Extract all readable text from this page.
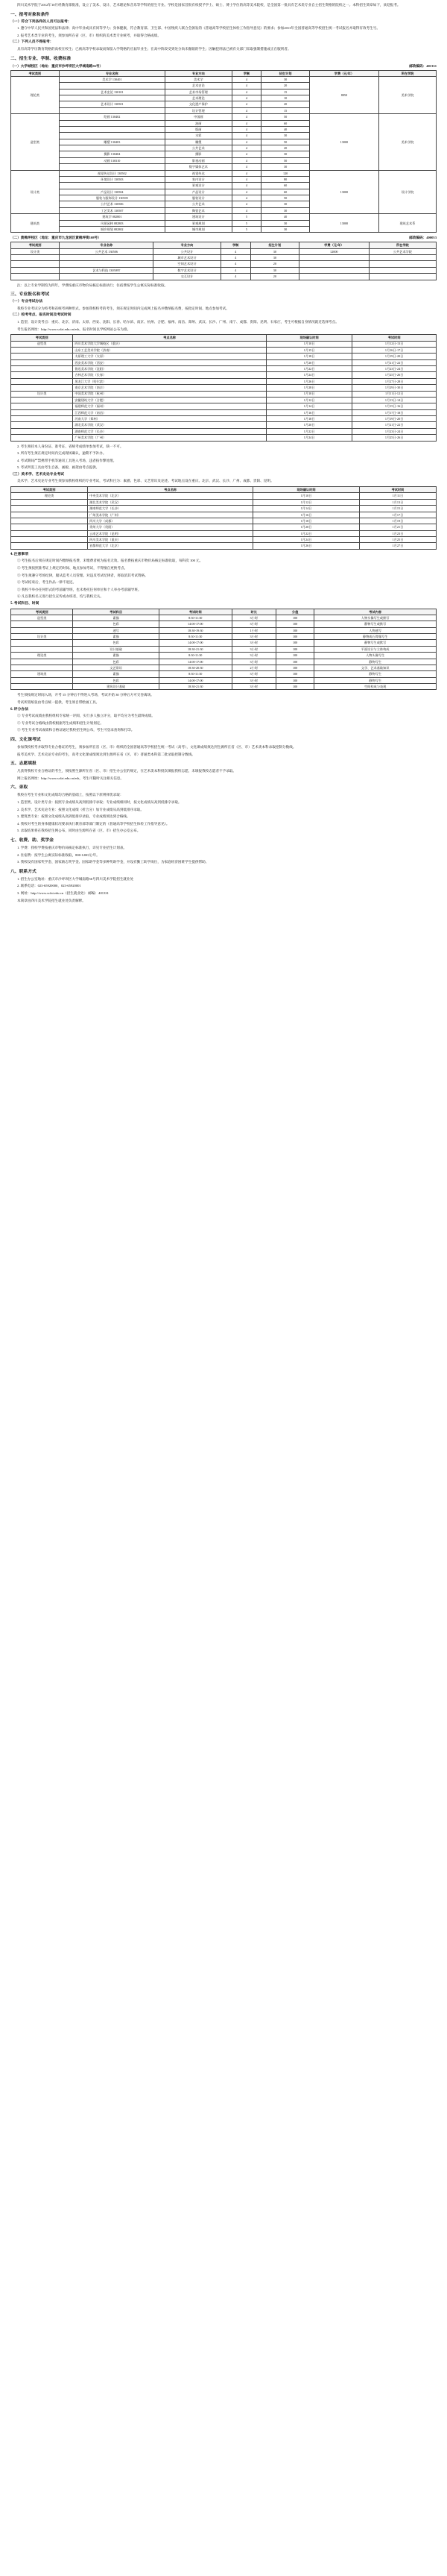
四川美术学院于2012年10月经教育部批准，设立了美术、设计、艺术理论和音乐等学科的招生专业。学校是国家首批有权授予学士、硕士、博士学位的高等美术院校，是全国第一批具有艺术类专业自主招生资格的院校之一。本科招生简章如下，欢迎报考。

一、报考对象和条件
（一）符合下列条件的人员可以报考：

1. 遵守中华人民共和国宪法和法律；高中毕业或具有同等学力；身体健康，符合教育部、卫生部、中国残疾人联合会颁发的《普通高等学校招生体检工作指导意见》的要求；参加2013年全国普通高等学校招生统一考试报名并取得有效考生号。

2. 报考艺术类专业的考生，须参加所在省（区、市）组织的美术类专业统考，并取得合格成绩。

（二）下列人员不得报考：

具有高等学历教育资格的高校在校生；已被高等学校录取而保留入学资格的应届毕业生；在高中阶段受到处分尚未撤销的学生；因触犯刑法已被有关部门采取强制措施或正在服刑者。

二、招生专业、学制、收费标准
（一）大学城校区（地址：重庆市沙坪坝区大学城南路56号）	邮政编码：401331
考试类别	专业名称	专业方向	学制	招生计划	学费（元/年）	所在学院
理论类	美术学 130401	美术学	4	30	8050	美术学院
		艺术史论	4	20		
	艺术史论 130101	艺术市场管理	4	15		
		艺术理论	4	10		
	艺术设计 130501	文化遗产保护	4	20		
		设计管理	4	15		
造型类	绘画 130402	中国画	4	50	13000	美术学院
		油画	4	60		
		版画	4	40		
		水彩	4	30		
	雕塑 130403	雕塑	4	50		
		公共艺术	4	20		
	摄影 130404	摄影	4	30		
	动画 130310	影视动画	4	50		
		数字媒体艺术	4	30		
设计类	视觉传达设计 130502	视觉传达	4	120	13000	设计学院
	环境设计 130503	室内设计	4	80		
		景观设计	4	60		
	产品设计 130504	产品设计	4	60		
	服装与服饰设计 130505	服装设计	4	50		
	公共艺术 130506	公共艺术	4	30		
	工艺美术 130507	陶瓷艺术	4	30		
建筑类	建筑学 082801	建筑设计	5	40	13000	建筑艺术系
	风景园林 082803	景观规划	5	30		
	城乡规划 082802	城市规划	5	30		
（二）黄桷坪校区（地址：重庆市九龙坡区黄桷坪街108号）	邮政编码：400053
考试类别	专业名称	专业方向	学制	招生计划	学费（元/年）	所在学院
设计类	公共艺术 130506	公共设计	4	30	12000	公共艺术学院
		城市艺术设计	4	30		
		空间艺术设计	4	20		
	艺术与科技 130509T	数字艺术设计	4	30		
		交互设计	4	20		

注：以上专业学制均为四年，学费按重庆市物价局核定标准执行；住宿费按学生公寓实际标准收取。

三、专业报名和考试
（一）专业考试办法

我校专业考试分为校考和省统考两种形式。参加我校校考的考生，须在规定时间内完成网上报名并缴纳报名费，按指定时间、地点参加考试。

（二）校考考点、报名时间及考试时间

1. 造型、设计类考点：重庆、北京、济南、太原、西安、沈阳、长春、哈尔滨、南京、杭州、合肥、福州、南昌、郑州、武汉、长沙、广州、南宁、成都、贵阳、昆明、石家庄，考生可根据自身情况就近选择考点。

考生报名网址：http://www.scfai.edu.cn/zsb，报名时间以学校网站公布为准。

考试类别	考点名称	现场确认时间	考试时间
造型类	四川美术学院大学城校区（重庆）	1月10日	1月12日-13日
	山东工艺美术学院（济南）	1月15日	1月16日-17日
	太原理工大学（太原）	1月18日	1月19日-20日
	西安美术学院（西安）	1月20日	1月21日-22日
	鲁迅美术学院（沈阳）	1月22日	1月23日-24日
	吉林艺术学院（长春）	1月24日	1月25日-26日
	黑龙江大学（哈尔滨）	1月26日	1月27日-28日
	南京艺术学院（南京）	1月28日	1月29日-30日
设计类	中国美术学院（杭州）	1月10日	1月11日-12日
	安徽建筑大学（合肥）	1月12日	1月13日-14日
	福建师范大学（福州）	1月14日	1月15日-16日
	江西师范大学（南昌）	1月16日	1月17日-18日
	河南大学（郑州）	1月18日	1月19日-20日
	湖北美术学院（武汉）	1月20日	1月21日-22日
	湖南师范大学（长沙）	1月22日	1月23日-24日
	广州美术学院（广州）	1月24日	1月25日-26日

2. 考生须持本人身份证、准考证、省统考成绩单参加考试，缺一不可。

3. 所有考生须在规定时间内完成现场确认，逾期不予补办。

4. 考试期间严禁携带手机等通讯工具进入考场，违者按作弊处理。

5. 考试所需工具由考生自备，画板、画架由考点提供。

（三）美术学、艺术史论专业考试

美术学、艺术史论专业考生须参加我校组织的专业考试，考试科目为：素描、色彩、文艺常识及论述。考试地点设在重庆、北京、武汉、长沙、广州、成都、贵阳、昆明。

考试类别	考点名称	现场确认时间	考试时间
理论类	中央美术学院（北京）	1月10日	1月11日
	湖北美术学院（武汉）	1月12日	1月13日
	湖南师范大学（长沙）	1月14日	1月15日
	广州美术学院（广州）	1月16日	1月17日
	四川大学（成都）	1月18日	1月19日
	贵州大学（贵阳）	1月20日	1月21日
	云南艺术学院（昆明）	1月22日	1月23日
	四川美术学院（重庆）	1月24日	1月25日
	首都师范大学（北京）	1月26日	1月27日
4. 注意事项

① 考生报名后须在规定时间内缴纳报名费，未缴费者视为报名无效。报名费按重庆市物价局核定标准收取，每科次 100 元。

② 考生须按照准考证上规定的时间、地点参加考试，不得擅自更换考点。

③ 考生须遵守考场纪律，服从监考人员管理。对违反考试纪律者，将取消其考试资格。

④ 考试结束后，考生作品一律不退还。

⑤ 我校不举办任何形式的考前辅导班，也未委托任何单位和个人举办考前辅导班。

⑥ 凡以我校名义进行招生宣传或办班者，均与我校无关。

5. 考试科目、时间
考试类别	考试科目	考试时间	时长	分值	考试内容
造型类	素描	8:30-11:30	3小时	100	人物头像写生或默写
	色彩	14:00-17:00	3小时	100	静物写生或默写
	速写	18:30-19:30	1小时	100	人物速写
设计类	素描	8:30-11:30	3小时	100	静物或石膏像写生
	色彩	14:00-17:00	3小时	100	静物写生或默写
	设计基础	18:30-21:30	3小时	100	平面设计与立体构成
理论类	素描	8:30-11:30	3小时	100	人物头像写生
	色彩	14:00-17:00	3小时	100	静物写生
	文艺常识	18:30-20:30	2小时	100	文学、艺术基础知识
建筑类	素描	8:30-11:30	3小时	100	静物写生
	色彩	14:00-17:00	3小时	100	静物写生
	建筑设计基础	18:30-21:30	3小时	100	空间构成与表现

考生须按规定时间入场，开考 15 分钟后不得进入考场，考试开始 30 分钟后方可交卷离场。

考试所需纸张由考点统一提供，考生须自带绘画工具。

6. 评分办法

① 专业考试成绩由我校组织专家统一评阅，实行多人独立评分，取平均分为考生最终成绩。

② 专业考试合格线由我校根据考生成绩和招生计划划定。

③ 考生专业考试成绩和合格证通过我校招生网公布，考生可登录查询和打印。

四、文化课考试

参加我校校考并取得专业合格证的考生，须参加所在省（区、市）组织的全国普通高等学校招生统一考试（高考），文化课成绩须达到生源所在省（区、市）艺术类本科录取控制分数线。

报考美术学、艺术史论专业的考生，高考文化课成绩须达到生源所在省（区、市）普通类本科第二批录取控制分数线。

五、志愿填报

凡获得我校专业合格证的考生，须按照生源所在省（区、市）招生办公室的规定，在艺术类本科批次填报我校志愿，未填报我校志愿者不予录取。

网上报名网址：http://www.scfai.edu.cn/zsb，考生可随时关注相关信息。

六、录取

我校在考生专业和文化成绩均合格的基础上，按照以下原则择优录取：

1. 造型类、设计类专业：按照专业成绩从高到低排序录取；专业成绩相同时，按文化成绩从高到低排序录取。

2. 美术学、艺术史论专业：按照文化成绩（折合分）加专业成绩从高到低排序录取。

3. 建筑类专业：按照文化成绩从高到低排序录取，专业成绩须达到合格线。

4. 我校对考生的身体健康状况要求执行教育部等部门制定的《普通高等学校招生体检工作指导意见》。

5. 录取结果将在我校招生网公布，同时由生源所在省（区、市）招生办公室公布。

七、收费、助、奖学金

1. 学费：我校学费按重庆市物价局核定标准执行，详见专业招生计划表。

2. 住宿费：按学生公寓实际标准收取，800-1200元/年。

3. 我校设有国家奖学金、国家励志奖学金、国家助学金等多种奖助学金，并设有勤工助学岗位，为家庭经济困难学生提供帮助。

八、联系方式

1. 招生办公室地址：重庆市沙坪坝区大学城南路56号四川美术学院招生就业处

2. 联系电话：023-65920000，023-65920001

3. 网址：http://www.scfai.edu.cn（招生就业处） 邮编：401331

本简章由四川美术学院招生就业处负责解释。
